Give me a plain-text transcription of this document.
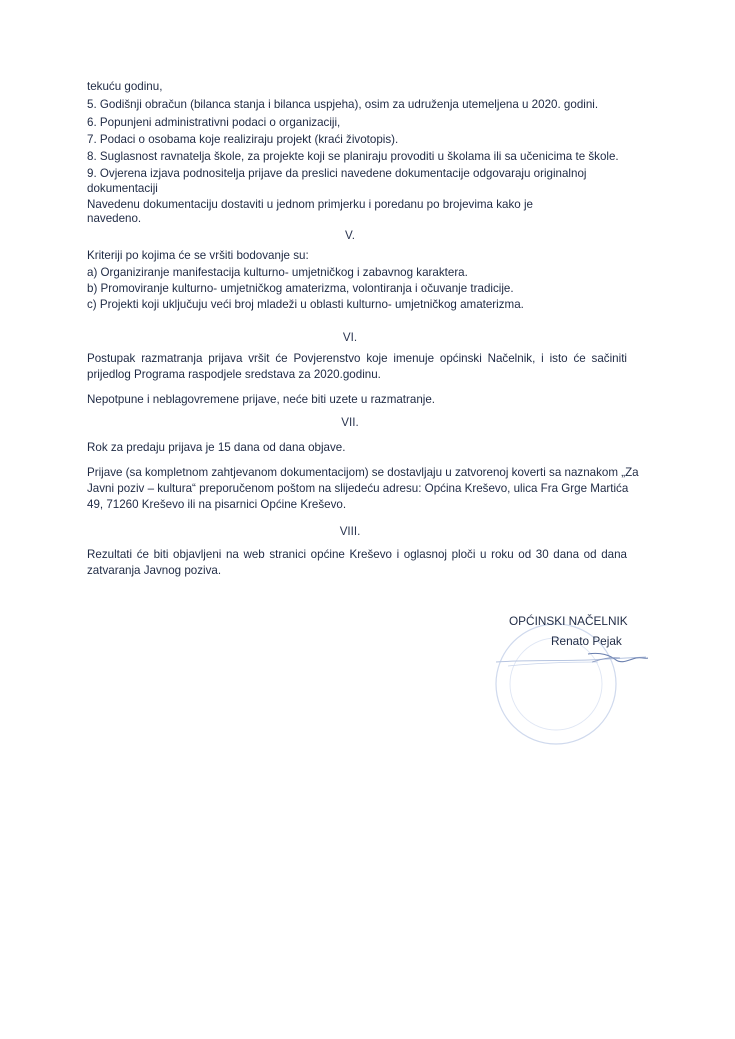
tekuću godinu,
5. Godišnji obračun (bilanca stanja i bilanca uspjeha), osim za udruženja utemeljena u 2020. godini.
6. Popunjeni administrativni podaci o organizaciji,
7. Podaci o osobama koje realiziraju projekt (kraći životopis).
8. Suglasnost ravnatelja škole, za projekte koji se planiraju provoditi u školama ili sa učenicima te škole.
9. Ovjerena izjava podnositelja prijave da preslici navedene dokumentacije odgovaraju originalnoj
dokumentaciji
Navedenu dokumentaciju dostaviti u jednom primjerku i poredanu po brojevima kako je
navedeno.
V.
Kriteriji po kojima će se vršiti bodovanje su:
a) Organiziranje manifestacija kulturno- umjetničkog i zabavnog karaktera.
b) Promoviranje kulturno- umjetničkog amaterizma, volontiranja i očuvanje tradicije.
c) Projekti koji uključuju veći broj mladeži u oblasti kulturno- umjetničkog amaterizma.
VI.
Postupak razmatranja prijava vršit će Povjerenstvo koje imenuje općinski Načelnik, i isto će sačiniti
prijedlog Programa raspodjele sredstava za 2020.godinu.
Nepotpune i neblagovremene prijave, neće biti uzete u razmatranje.
VII.
Rok za predaju prijava je 15 dana od dana objave.
Prijave (sa kompletnom zahtjevanom dokumentacijom) se dostavljaju u zatvorenoj koverti sa naznakom „Za
Javni poziv – kultura“ preporučenom poštom na slijedeću adresu: Općina Kreševo, ulica Fra Grge Martića
49, 71260 Kreševo ili na pisarnici Općine Kreševo.
VIII.
Rezultati će biti objavljeni na web stranici općine Kreševo i oglasnoj ploči u roku od 30 dana od dana
zatvaranja Javnog poziva.
OPĆINSKI NAČELNIK
Renato Pejak
